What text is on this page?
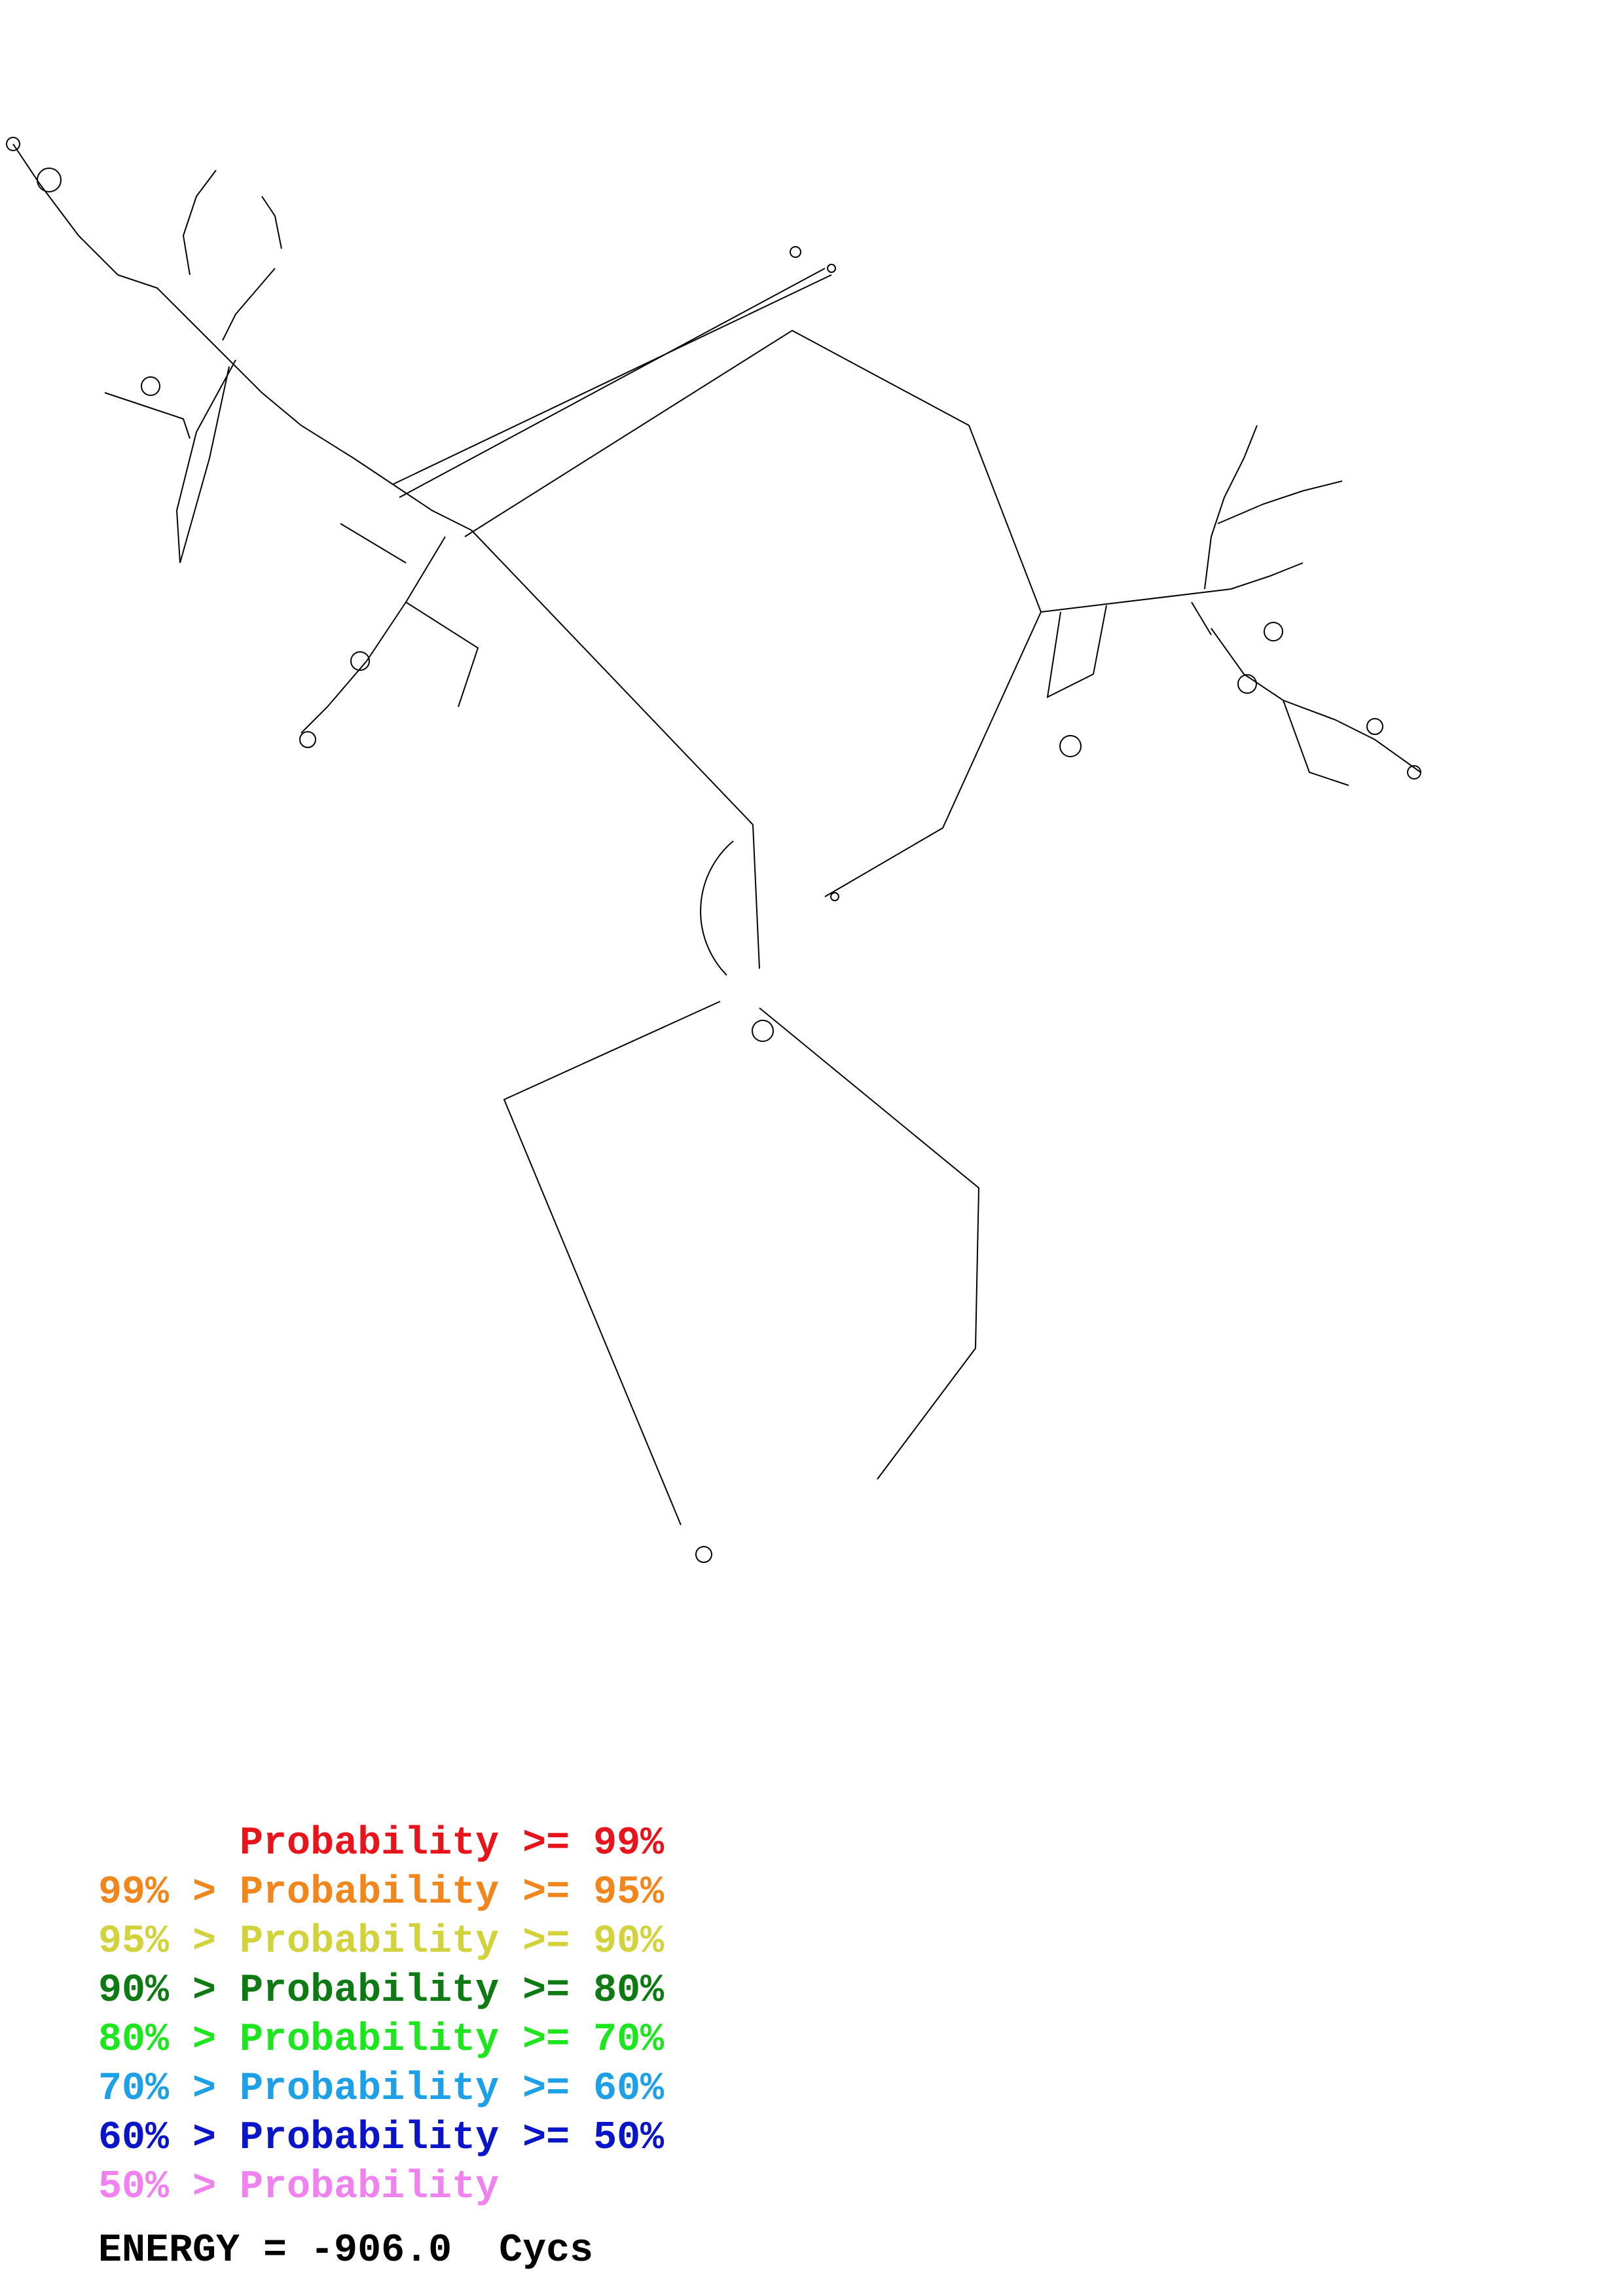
Probability >= 99%
99% > Probability >= 95%
95% > Probability >= 90%
90% > Probability >= 80%
80% > Probability >= 70%
70% > Probability >= 60%
60% > Probability >= 50%
50% > Probability
ENERGY = -906.0  Cycs
